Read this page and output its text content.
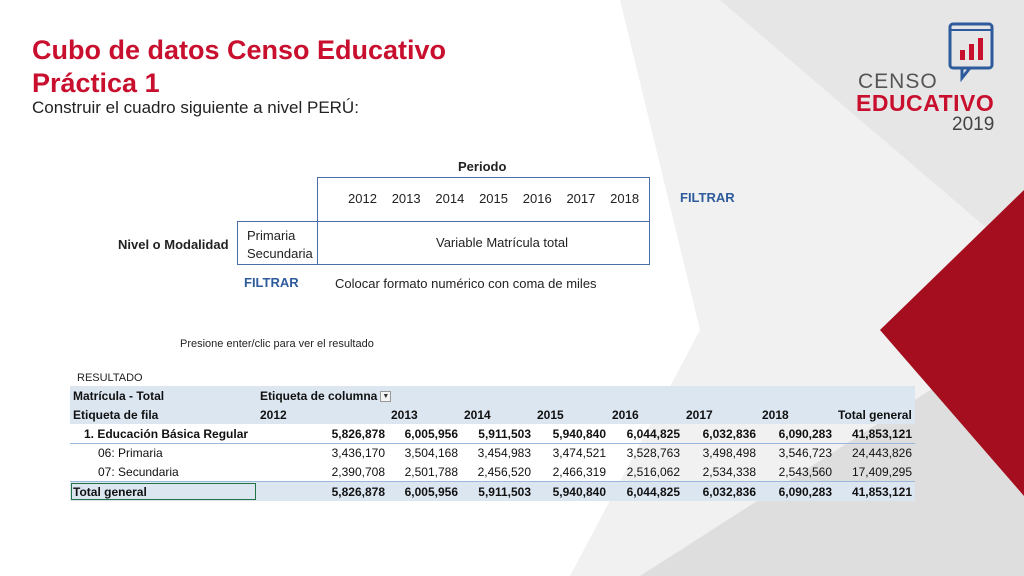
Cubo de datos Censo Educativo
Práctica 1
Construir el cuadro siguiente a nivel PERÚ:
CENSO
EDUCATIVO
2019
Periodo
2012	2013	2014	2015	2016	2017	2018	FILTRAR
Nivel o Modalidad
Primaria
Secundaria
Variable Matrícula total
FILTRAR	Colocar formato numérico con coma de miles
Presione enter/clic para ver el resultado
RESULTADO
Matrícula - Total	Etiqueta de columna ▼							
Etiqueta de fila	2012	2013	2014	2015	2016	2017	2018	Total general
1. Educación Básica Regular	5,826,878	6,005,956	5,911,503	5,940,840	6,044,825	6,032,836	6,090,283	41,853,121
06: Primaria	3,436,170	3,504,168	3,454,983	3,474,521	3,528,763	3,498,498	3,546,723	24,443,826
07: Secundaria	2,390,708	2,501,788	2,456,520	2,466,319	2,516,062	2,534,338	2,543,560	17,409,295
Total general	5,826,878	6,005,956	5,911,503	5,940,840	6,044,825	6,032,836	6,090,283	41,853,121
